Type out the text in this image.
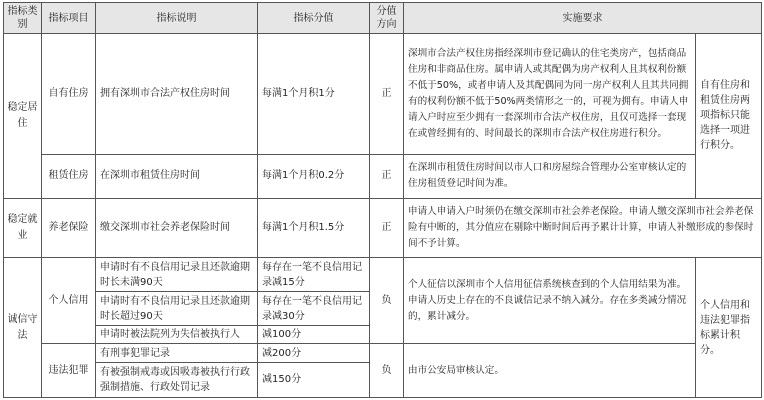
指标类别	指标项目	指标说明	指标分值	分值方向	实施要求	
稳定居住	自有住房	拥有深圳市合法产权住房时间	每满1个月积1分	正	深圳市合法产权住房指经深圳市登记确认的住宅类房产，包括商品住房和非商品住房。属申请人或其配偶为房产权利人且其权利份额不低于50%，或者申请人及其配偶同为同一房产权利人且其共同拥有的权利份额不低于50%两类情形之一的，可视为拥有。申请人申请入户时应至少拥有一套深圳市合法产权住房，且仅可选择一套现在或曾经拥有的、时间最长的深圳市合法产权住房进行积分。	自有住房和租赁住房两项指标只能选择一项进行积分。
	租赁住房	在深圳市租赁住房时间	每满1个月积0.2分	正	在深圳市租赁住房时间以市人口和房屋综合管理办公室审核认定的住房租赁登记时间为准。	
稳定就业	养老保险	缴交深圳市社会养老保险时间	每满1个月积1.5分	正	申请人申请入户时须仍在缴交深圳市社会养老保险。申请人缴交深圳市社会养老保险有中断的，其分值应在剔除中断时间后再予累计计算，申请人补缴形成的参保时间不予计算。	
诚信守法	个人信用	申请时有不良信用记录且还款逾期时长未满90天	每存在一笔不良信用记录减15分	负	个人征信以深圳市个人信用征信系统核查到的个人信用结果为准。申请人历史上存在的不良诚信记录不纳入减分。存在多类减分情况的，累计减分。	个人信用和违法犯罪指标累计积分。
		申请时有不良信用记录且还款逾期时长超过90天	每存在一笔不良信用记录减30分			
		申请时被法院列为失信被执行人	减100分			
	违法犯罪	有刑事犯罪记录	减200分	负	由市公安局审核认定。	
		有被强制戒毒或因吸毒被执行行政强制措施、行政处罚记录	减150分			
